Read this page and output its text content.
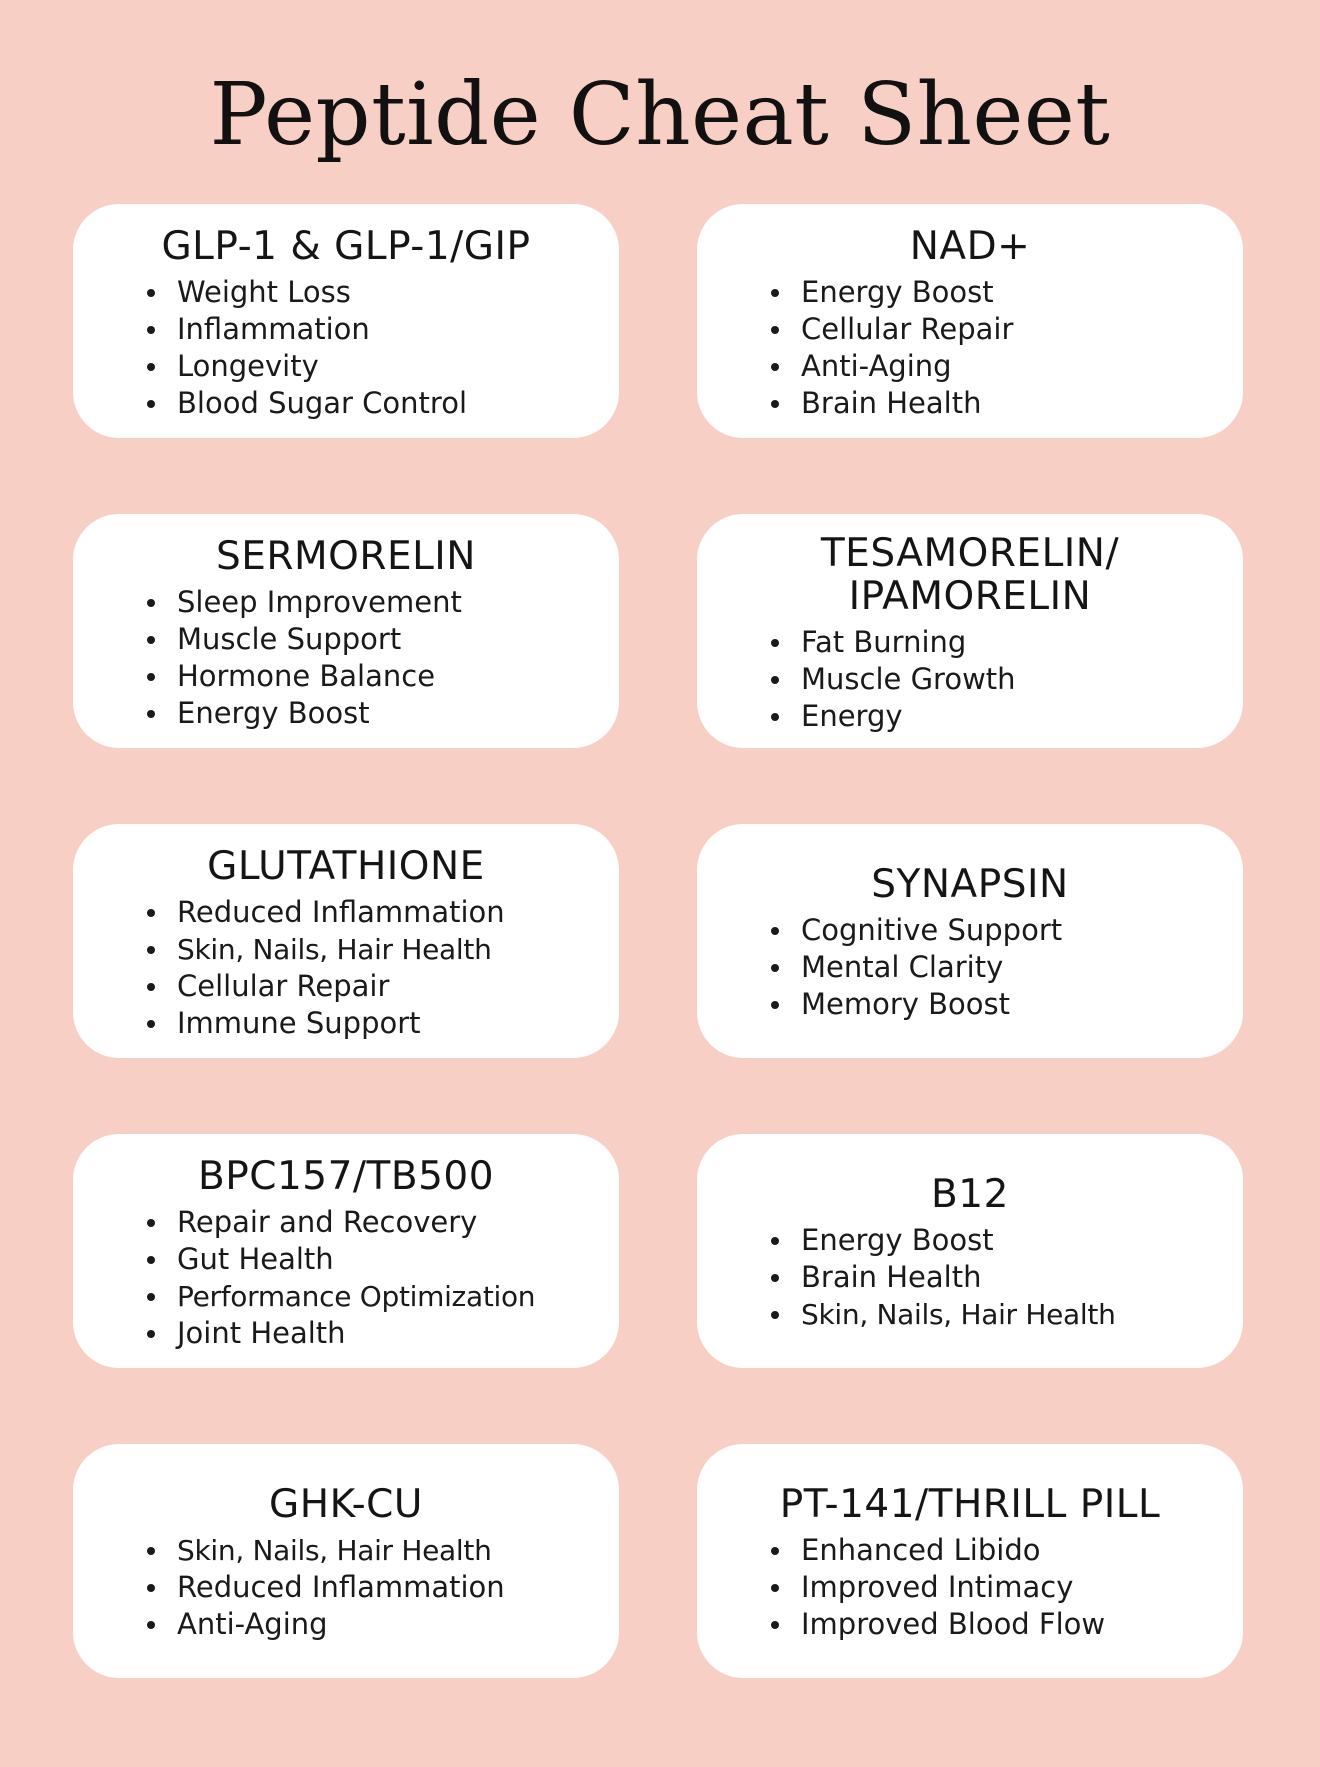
Peptide Cheat Sheet
GLP-1 & GLP-1/GIP
Weight Loss
Inflammation
Longevity
Blood Sugar Control
NAD+
Energy Boost
Cellular Repair
Anti-Aging
Brain Health
SERMORELIN
Sleep Improvement
Muscle Support
Hormone Balance
Energy Boost
TESAMORELIN/
IPAMORELIN
Fat Burning
Muscle Growth
Energy
GLUTATHIONE
Reduced Inflammation
Skin, Nails, Hair Health
Cellular Repair
Immune Support
SYNAPSIN
Cognitive Support
Mental Clarity
Memory Boost
BPC157/TB500
Repair and Recovery
Gut Health
Performance Optimization
Joint Health
B12
Energy Boost
Brain Health
Skin, Nails, Hair Health
GHK-CU
Skin, Nails, Hair Health
Reduced Inflammation
Anti-Aging
PT-141/THRILL PILL
Enhanced Libido
Improved Intimacy
Improved Blood Flow
